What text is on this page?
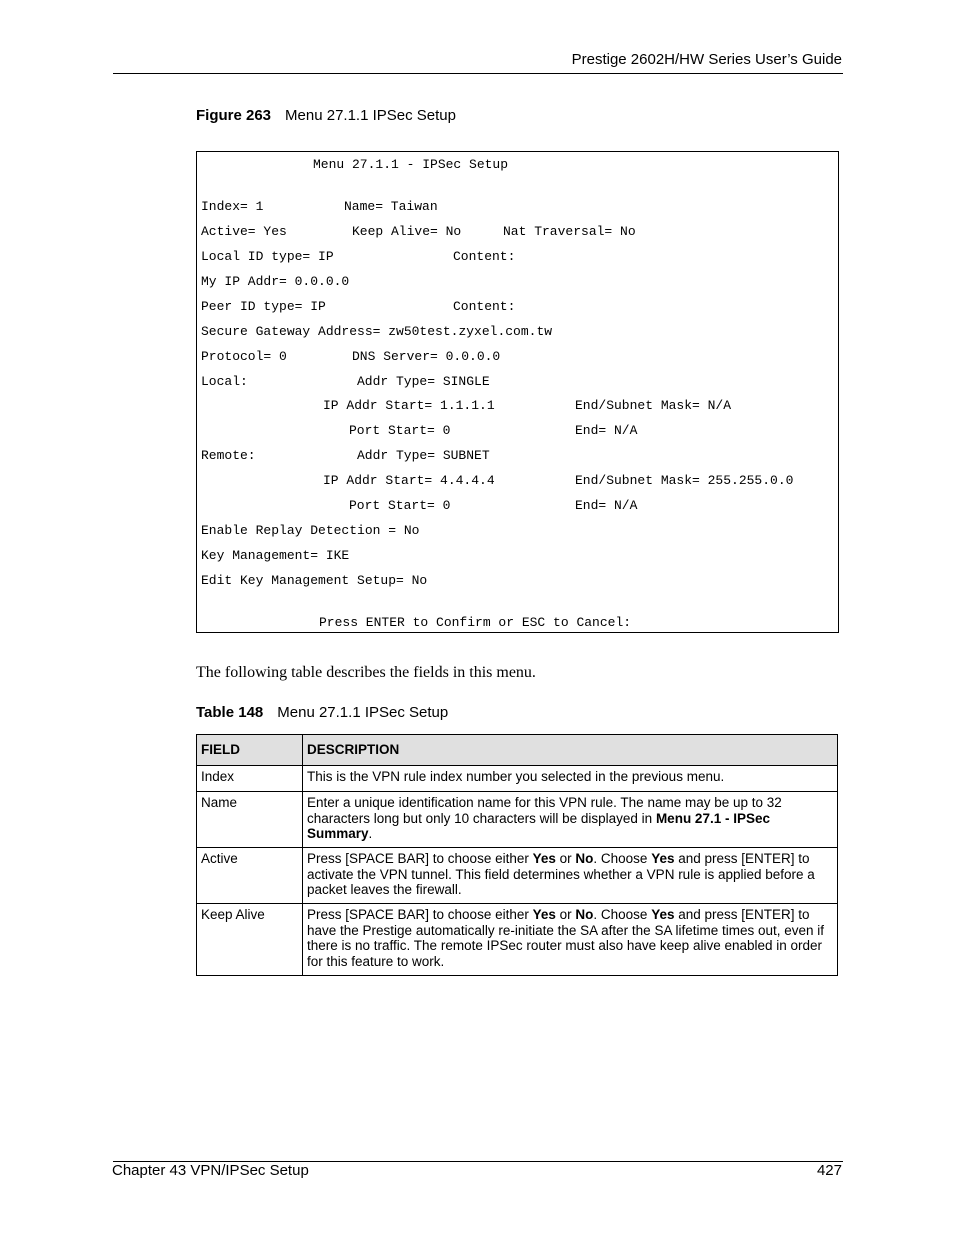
Prestige 2602H/HW Series User’s Guide
Figure 263 Menu 27.1.1 IPSec Setup
Menu 27.1.1 - IPSec Setup
Index= 1	Name= Taiwan
Active= Yes	Keep Alive= No	Nat Traversal= No
Local ID type= IP	Content:
My IP Addr= 0.0.0.0
Peer ID type= IP	Content:
Secure Gateway Address= zw50test.zyxel.com.tw
Protocol= 0	DNS Server= 0.0.0.0
Local:	Addr Type= SINGLE
IP Addr Start= 1.1.1.1	End/Subnet Mask= N/A
Port Start= 0	End= N/A
Remote:	Addr Type= SUBNET
IP Addr Start= 4.4.4.4	End/Subnet Mask= 255.255.0.0
Port Start= 0	End= N/A
Enable Replay Detection = No
Key Management= IKE
Edit Key Management Setup= No
Press ENTER to Confirm or ESC to Cancel:
The following table describes the fields in this menu.
Table 148 Menu 27.1.1 IPSec Setup
FIELD	DESCRIPTION
Index	This is the VPN rule index number you selected in the previous menu.
Name	Enter a unique identification name for this VPN rule. The name may be up to 32 characters long but only 10 characters will be displayed in Menu 27.1 - IPSec Summary.
Active	Press [SPACE BAR] to choose either Yes or No. Choose Yes and press [ENTER] to activate the VPN tunnel. This field determines whether a VPN rule is applied before a packet leaves the firewall.
Keep Alive	Press [SPACE BAR] to choose either Yes or No. Choose Yes and press [ENTER] to have the Prestige automatically re-initiate the SA after the SA lifetime times out, even if there is no traffic. The remote IPSec router must also have keep alive enabled in order for this feature to work.
Chapter 43 VPN/IPSec Setup	427
